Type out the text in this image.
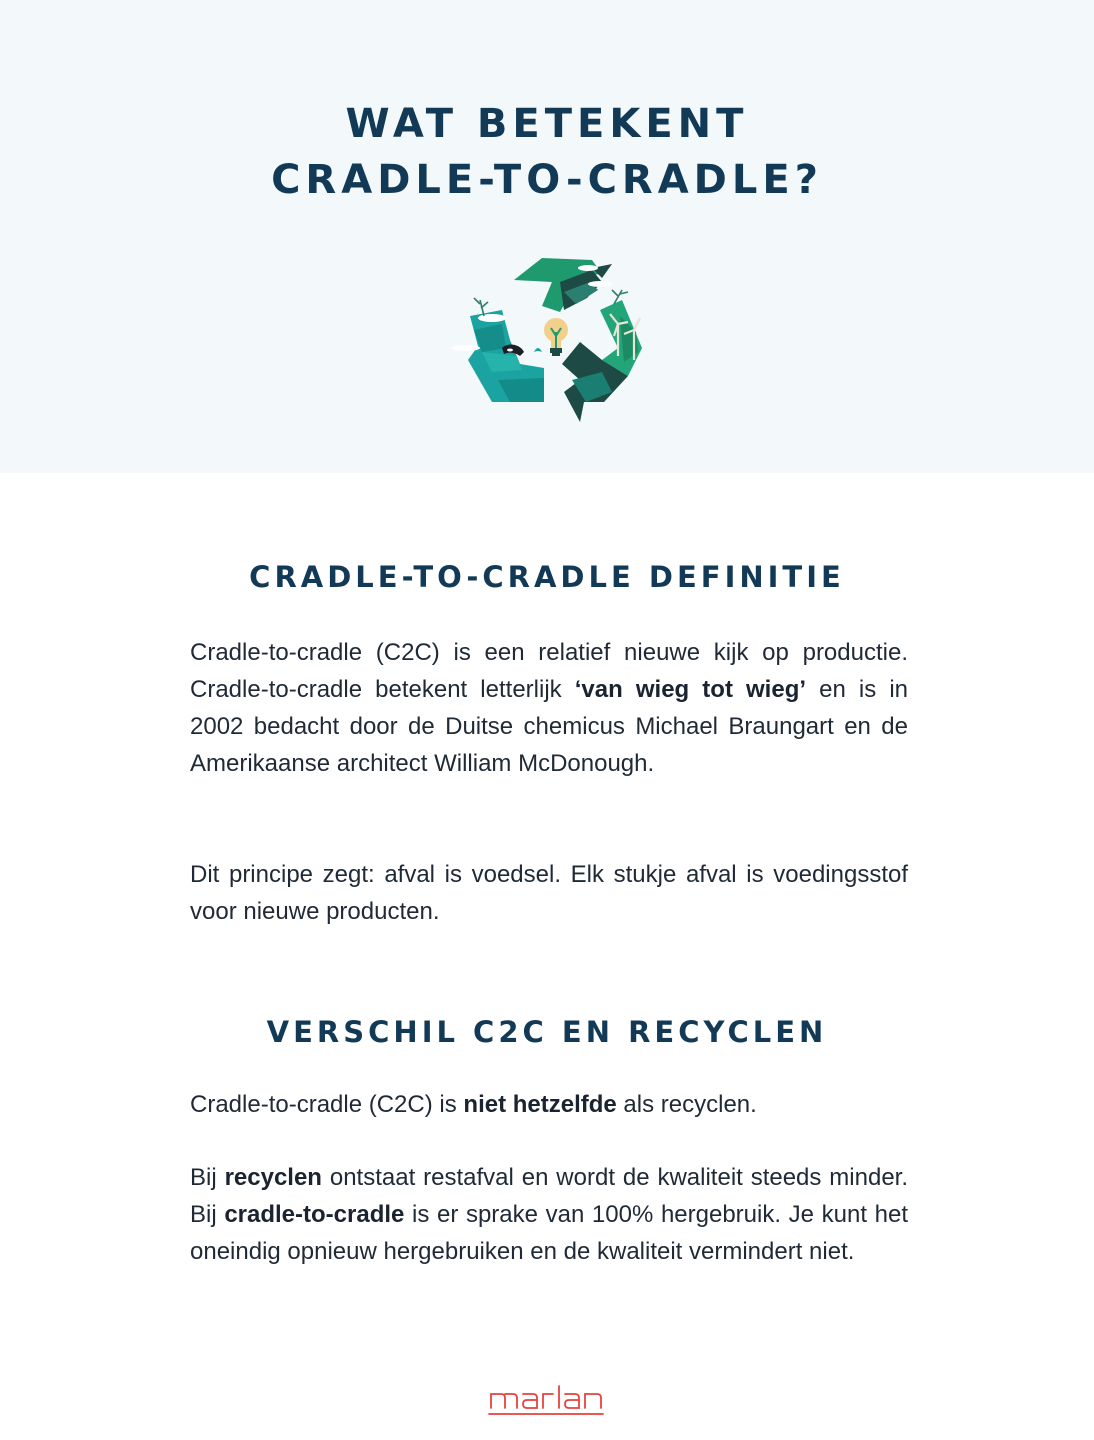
WAT BETEKENT
CRADLE-TO-CRADLE?
CRADLE-TO-CRADLE DEFINITIE

Cradle-to-cradle (C2C) is een relatief nieuwe kijk op productie. Cradle-to-cradle betekent letterlijk ‘van wieg tot wieg’ en is in 2002 bedacht door de Duitse chemicus Michael Braungart en de Amerikaanse architect William McDonough.

Dit principe zegt: afval is voedsel. Elk stukje afval is voedingsstof voor nieuwe producten.

VERSCHIL C2C EN RECYCLEN

Cradle-to-cradle (C2C) is niet hetzelfde als recyclen.

Bij recyclen ontstaat restafval en wordt de kwaliteit steeds minder. Bij cradle-to-cradle is er sprake van 100% hergebruik. Je kunt het oneindig opnieuw hergebruiken en de kwaliteit vermindert niet.
